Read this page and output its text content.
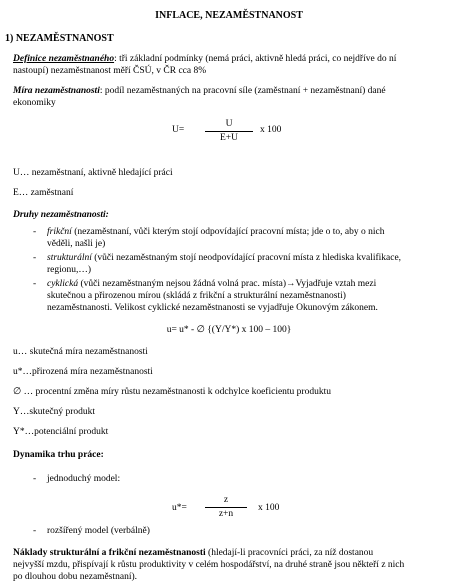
INFLACE, NEZAMĚSTNANOST
1) NEZAMĚSTNANOST
Definice nezaměstnaného: tři základní podmínky (nemá práci, aktivně hledá práci, co nejdříve do ní
nastoupí) nezaměstnanost měří ČSÚ, v ČR cca 8%
Míra nezaměstnanosti: podíl nezaměstnaných na pracovní síle (zaměstnaní + nezaměstnaní) dané
ekonomiky
U=
U
E+U
x 100
U… nezaměstnaní, aktivně hledající práci
E… zaměstnaní
Druhy nezaměstnanosti:
- frikční (nezaměstnaní, vůči kterým stojí odpovídající pracovní místa; jde o to, aby o nich
věděli, našli je)
- strukturální (vůči nezaměstnaným stojí neodpovídající pracovní místa z hlediska kvalifikace,
regionu,…)
- cyklická (vůči nezaměstnaným nejsou žádná volná prac. místa)→Vyjadřuje vztah mezi
skutečnou a přirozenou mírou (skládá z frikční a strukturální nezaměstnanosti)
nezaměstnanosti. Velikost cyklické nezaměstnanosti se vyjadřuje Okunovým zákonem.
u= u* - ∅ {(Y/Y*) x 100 – 100}
u… skutečná míra nezaměstnanosti
u*…přirozená míra nezaměstnanosti
∅ … procentní změna míry růstu nezaměstnanosti k odchylce koeficientu produktu
Y…skutečný produkt
Y*…potenciální produkt
Dynamika trhu práce:
- jednoduchý model:
u*=
z
z+n
x 100
- rozšířený model (verbálně)
Náklady strukturální a frikční nezaměstnanosti (hledají-li pracovníci práci, za níž dostanou
nejvyšší mzdu, přispívají k růstu produktivity v celém hospodářství, na druhé straně jsou někteří z nich
po dlouhou dobu nezaměstnaní).
